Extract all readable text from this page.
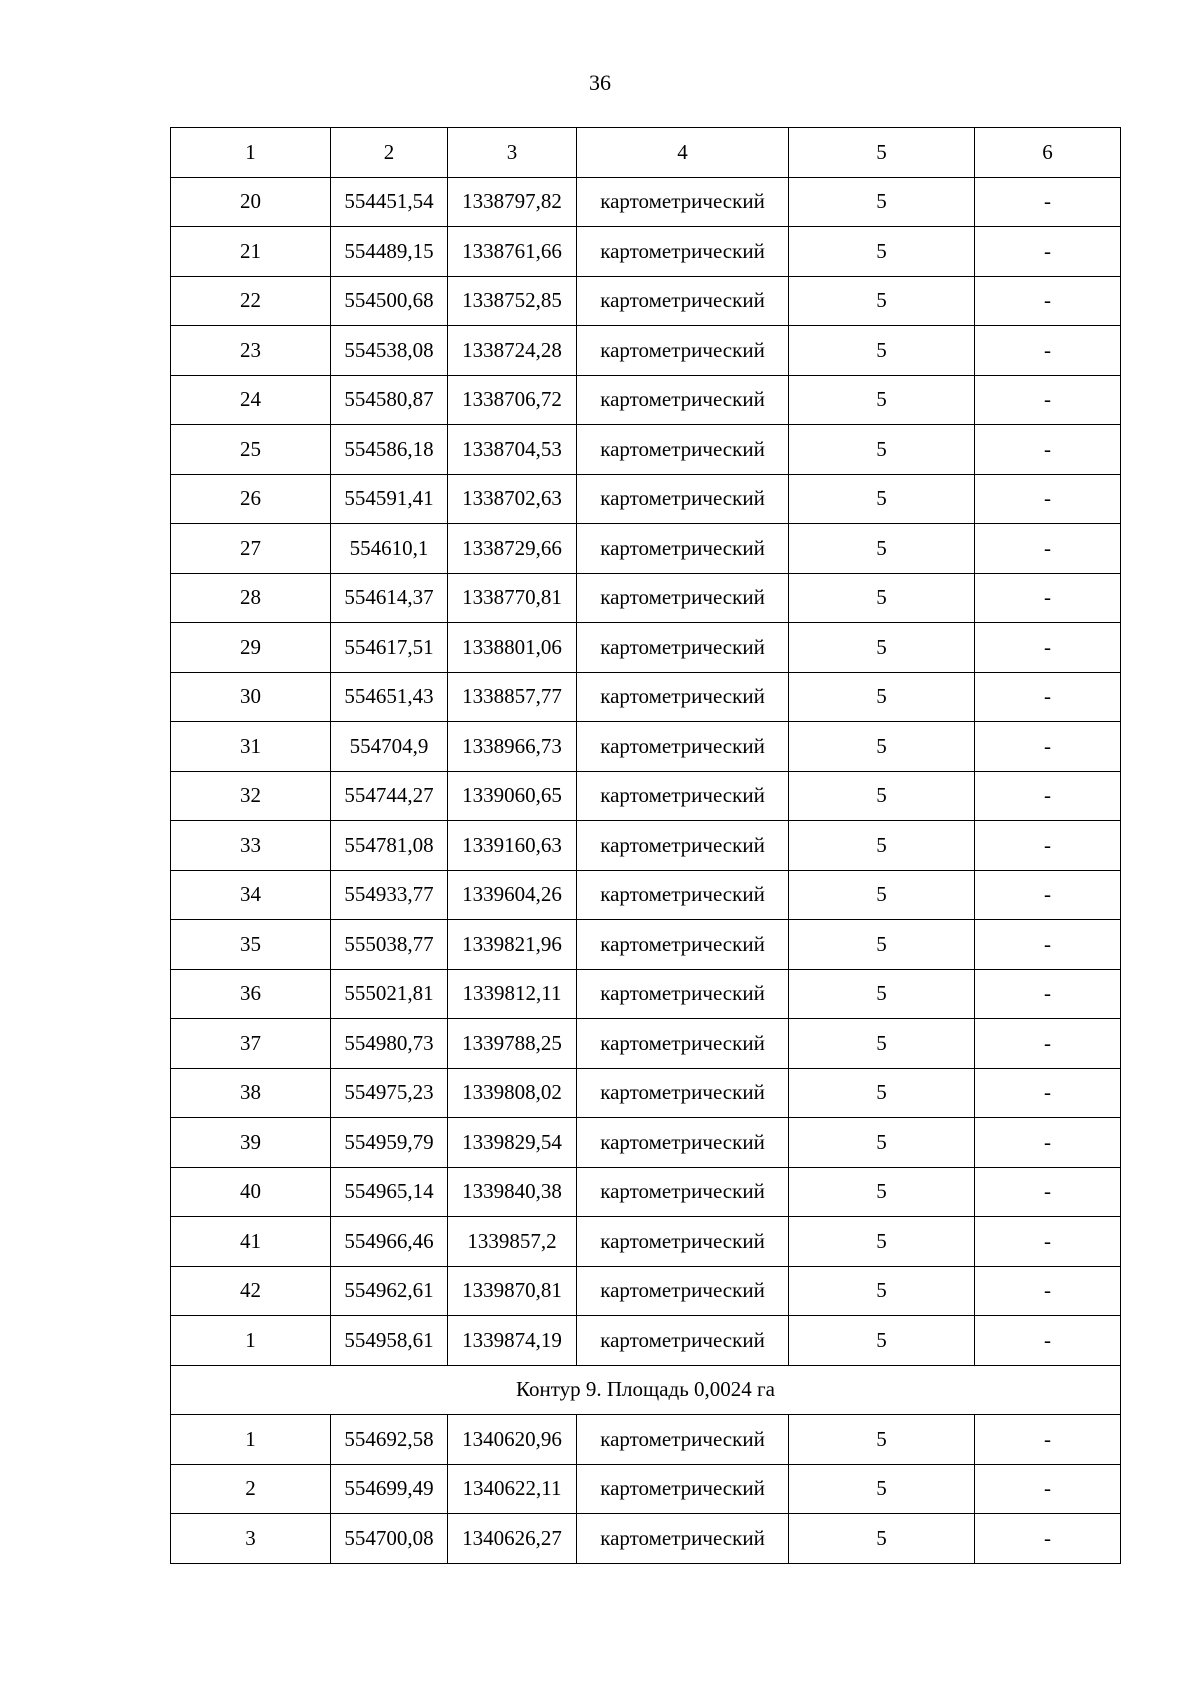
36
1	2	3	4	5	6
20	554451,54	1338797,82	картометрический	5	-
21	554489,15	1338761,66	картометрический	5	-
22	554500,68	1338752,85	картометрический	5	-
23	554538,08	1338724,28	картометрический	5	-
24	554580,87	1338706,72	картометрический	5	-
25	554586,18	1338704,53	картометрический	5	-
26	554591,41	1338702,63	картометрический	5	-
27	554610,1	1338729,66	картометрический	5	-
28	554614,37	1338770,81	картометрический	5	-
29	554617,51	1338801,06	картометрический	5	-
30	554651,43	1338857,77	картометрический	5	-
31	554704,9	1338966,73	картометрический	5	-
32	554744,27	1339060,65	картометрический	5	-
33	554781,08	1339160,63	картометрический	5	-
34	554933,77	1339604,26	картометрический	5	-
35	555038,77	1339821,96	картометрический	5	-
36	555021,81	1339812,11	картометрический	5	-
37	554980,73	1339788,25	картометрический	5	-
38	554975,23	1339808,02	картометрический	5	-
39	554959,79	1339829,54	картометрический	5	-
40	554965,14	1339840,38	картометрический	5	-
41	554966,46	1339857,2	картометрический	5	-
42	554962,61	1339870,81	картометрический	5	-
1	554958,61	1339874,19	картометрический	5	-
Контур 9. Площадь 0,0024 га					
1	554692,58	1340620,96	картометрический	5	-
2	554699,49	1340622,11	картометрический	5	-
3	554700,08	1340626,27	картометрический	5	-
